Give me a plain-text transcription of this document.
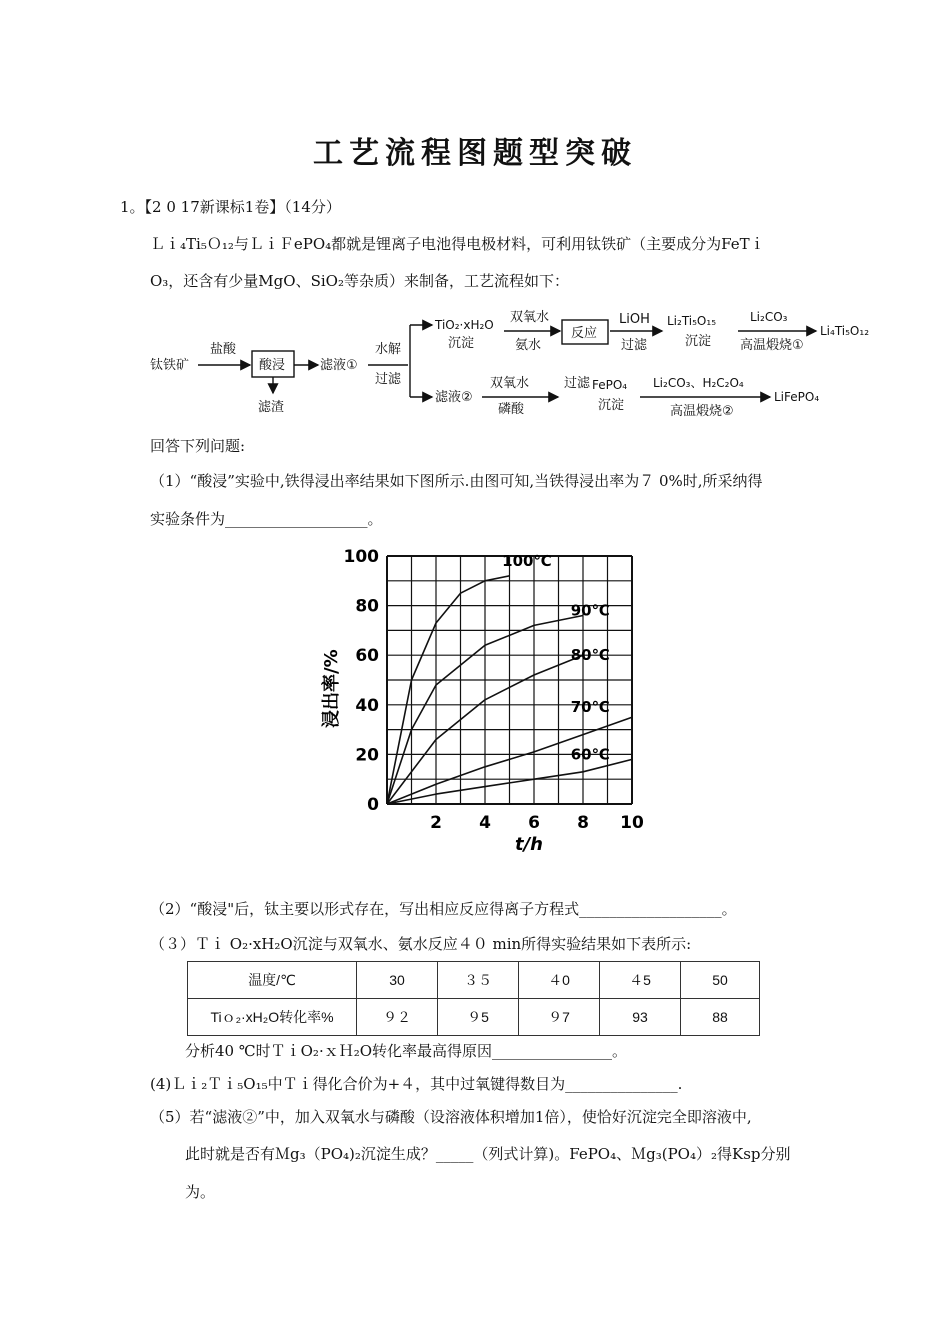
工艺流程图题型突破
1。【2 0 17新课标1卷】（14分）
Ｌｉ₄Ti₅Ｏ₁₂与ＬｉＦePO₄都就是锂离子电池得电极材料，可利用钛铁矿（主要成分为FeTｉ
O₃，还含有少量MgO、SiO₂等杂质）来制备，工艺流程如下：
钛铁矿
盐酸
酸浸
滤渣
滤液①
水解
过滤
TiO₂·xH₂O
沉淀
双氧水
氨水
反应
LiOH
过滤
Li₂Ti₅O₁₅
沉淀
Li₂CO₃
高温煅烧①
Li₄Ti₅O₁₂
滤液②
双氧水
磷酸
过滤 FePO₄
沉淀
Li₂CO₃、H₂C₂O₄
高温煅烧②
LiFePO₄
回答下列问题:
（1）“酸浸”实验中,铁得浸出率结果如下图所示.由图可知,当铁得浸出率为７ 0%时,所采纳得
实验条件为___________________。
100℃
90℃
80℃
70℃
60℃
0
20
40
60
80
100
2 4 6 8 10
t/h
浸出率/%
（2）“酸浸"后，钛主要以形式存在，写出相应反应得离子方程式___________________。
（３）Ｔｉ O₂·xH₂O沉淀与双氧水、氨水反应４０ min所得实验结果如下表所示:
温度/℃	30	３５	４0	４5	50
Tiｏ₂·xH₂O转化率%	９２	９5	９7	93	88
分析40 ℃时ＴｉO₂·ｘＨ₂O转化率最高得原因________________。
(4)Ｌｉ₂Ｔｉ₅O₁₅中Ｔｉ得化合价为+４，其中过氧键得数目为_______________.
（5）若“滤液②”中，加入双氧水与磷酸（设溶液体积增加1倍），使恰好沉淀完全即溶液中,
此时就是否有Ｍg₃（PO₄)₂沉淀生成？_____（列式计算)。FePO₄、Ｍg₃(PO₄）₂得Ksp分别
为。
